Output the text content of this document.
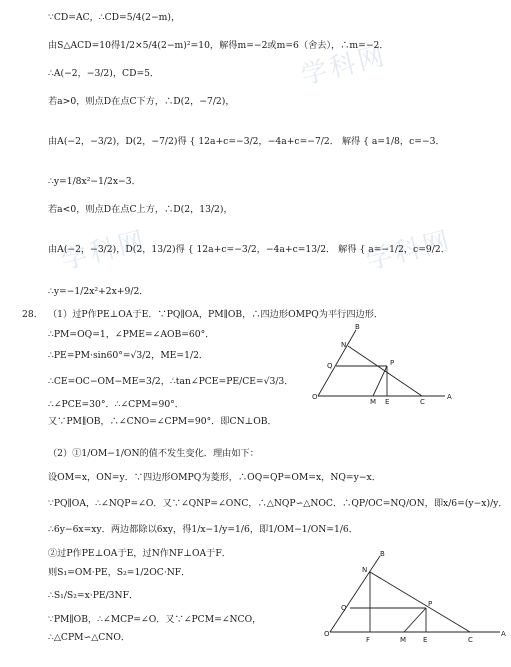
学科网
学科网
学科网
∵CD=AC，∴CD=5/4(2−m)，
由S△ACD=10得1/2×5/4(2−m)²=10，解得m=−2或m=6（舍去），∴m=−2．
∴A(−2，−3/2)，CD=5．
若a>0，则点D在点C下方，∴D(2，−7/2)，
由A(−2，−3/2)，D(2，−7/2)得 { 12a+c=−3/2，−4a+c=−7/2． 解得 { a=1/8，c=−3．
∴y=1/8x²−1/2x−3．
若a<0，则点D在点C上方，∴D(2，13/2)，
由A(−2，−3/2)，D(2，13/2)得 { 12a+c=−3/2，−4a+c=13/2． 解得 { a=−1/2，c=9/2．
∴y=−1/2x²+2x+9/2．
28. （1）过P作PE⊥OA于E．∵PQ∥OA，PM∥OB，∴四边形OMPQ为平行四边形．
∴PM=OQ=1，∠PME=∠AOB=60°．
∴PE=PM·sin60°=√3/2，ME=1/2．
∴CE=OC−OM−ME=3/2，∴tan∠PCE=PE/CE=√3/3．
∴∠PCE=30°．∴∠CPM=90°．
又∵PM∥OB，∴∠CNO=∠CPM=90°．即CN⊥OB．
（2）①1/OM−1/ON的值不发生变化．理由如下：
设OM=x，ON=y．∵四边形OMPQ为菱形，∴OQ=QP=OM=x，NQ=y−x．
∵PQ∥OA，∴∠NQP=∠O．又∵∠QNP=∠ONC，∴△NQP∽△NOC．∴QP/OC=NQ/ON，即x/6=(y−x)/y．
∴6y−6x=xy．两边都除以6xy，得1/x−1/y=1/6，即1/OM−1/ON=1/6．
②过P作PE⊥OA于E，过N作NF⊥OA于F．
则S₁=OM·PE，S₂=1/2OC·NF．
∴S₁/S₂=x·PE/3NF．
∵PM∥OB，∴∠MCP=∠O．又∵∠PCM=∠NCO，
∴△CPM∽△CNO．
B
N
Q	P
O
M E	C
A
B
N
Q	P
O
F	M E	C
A
